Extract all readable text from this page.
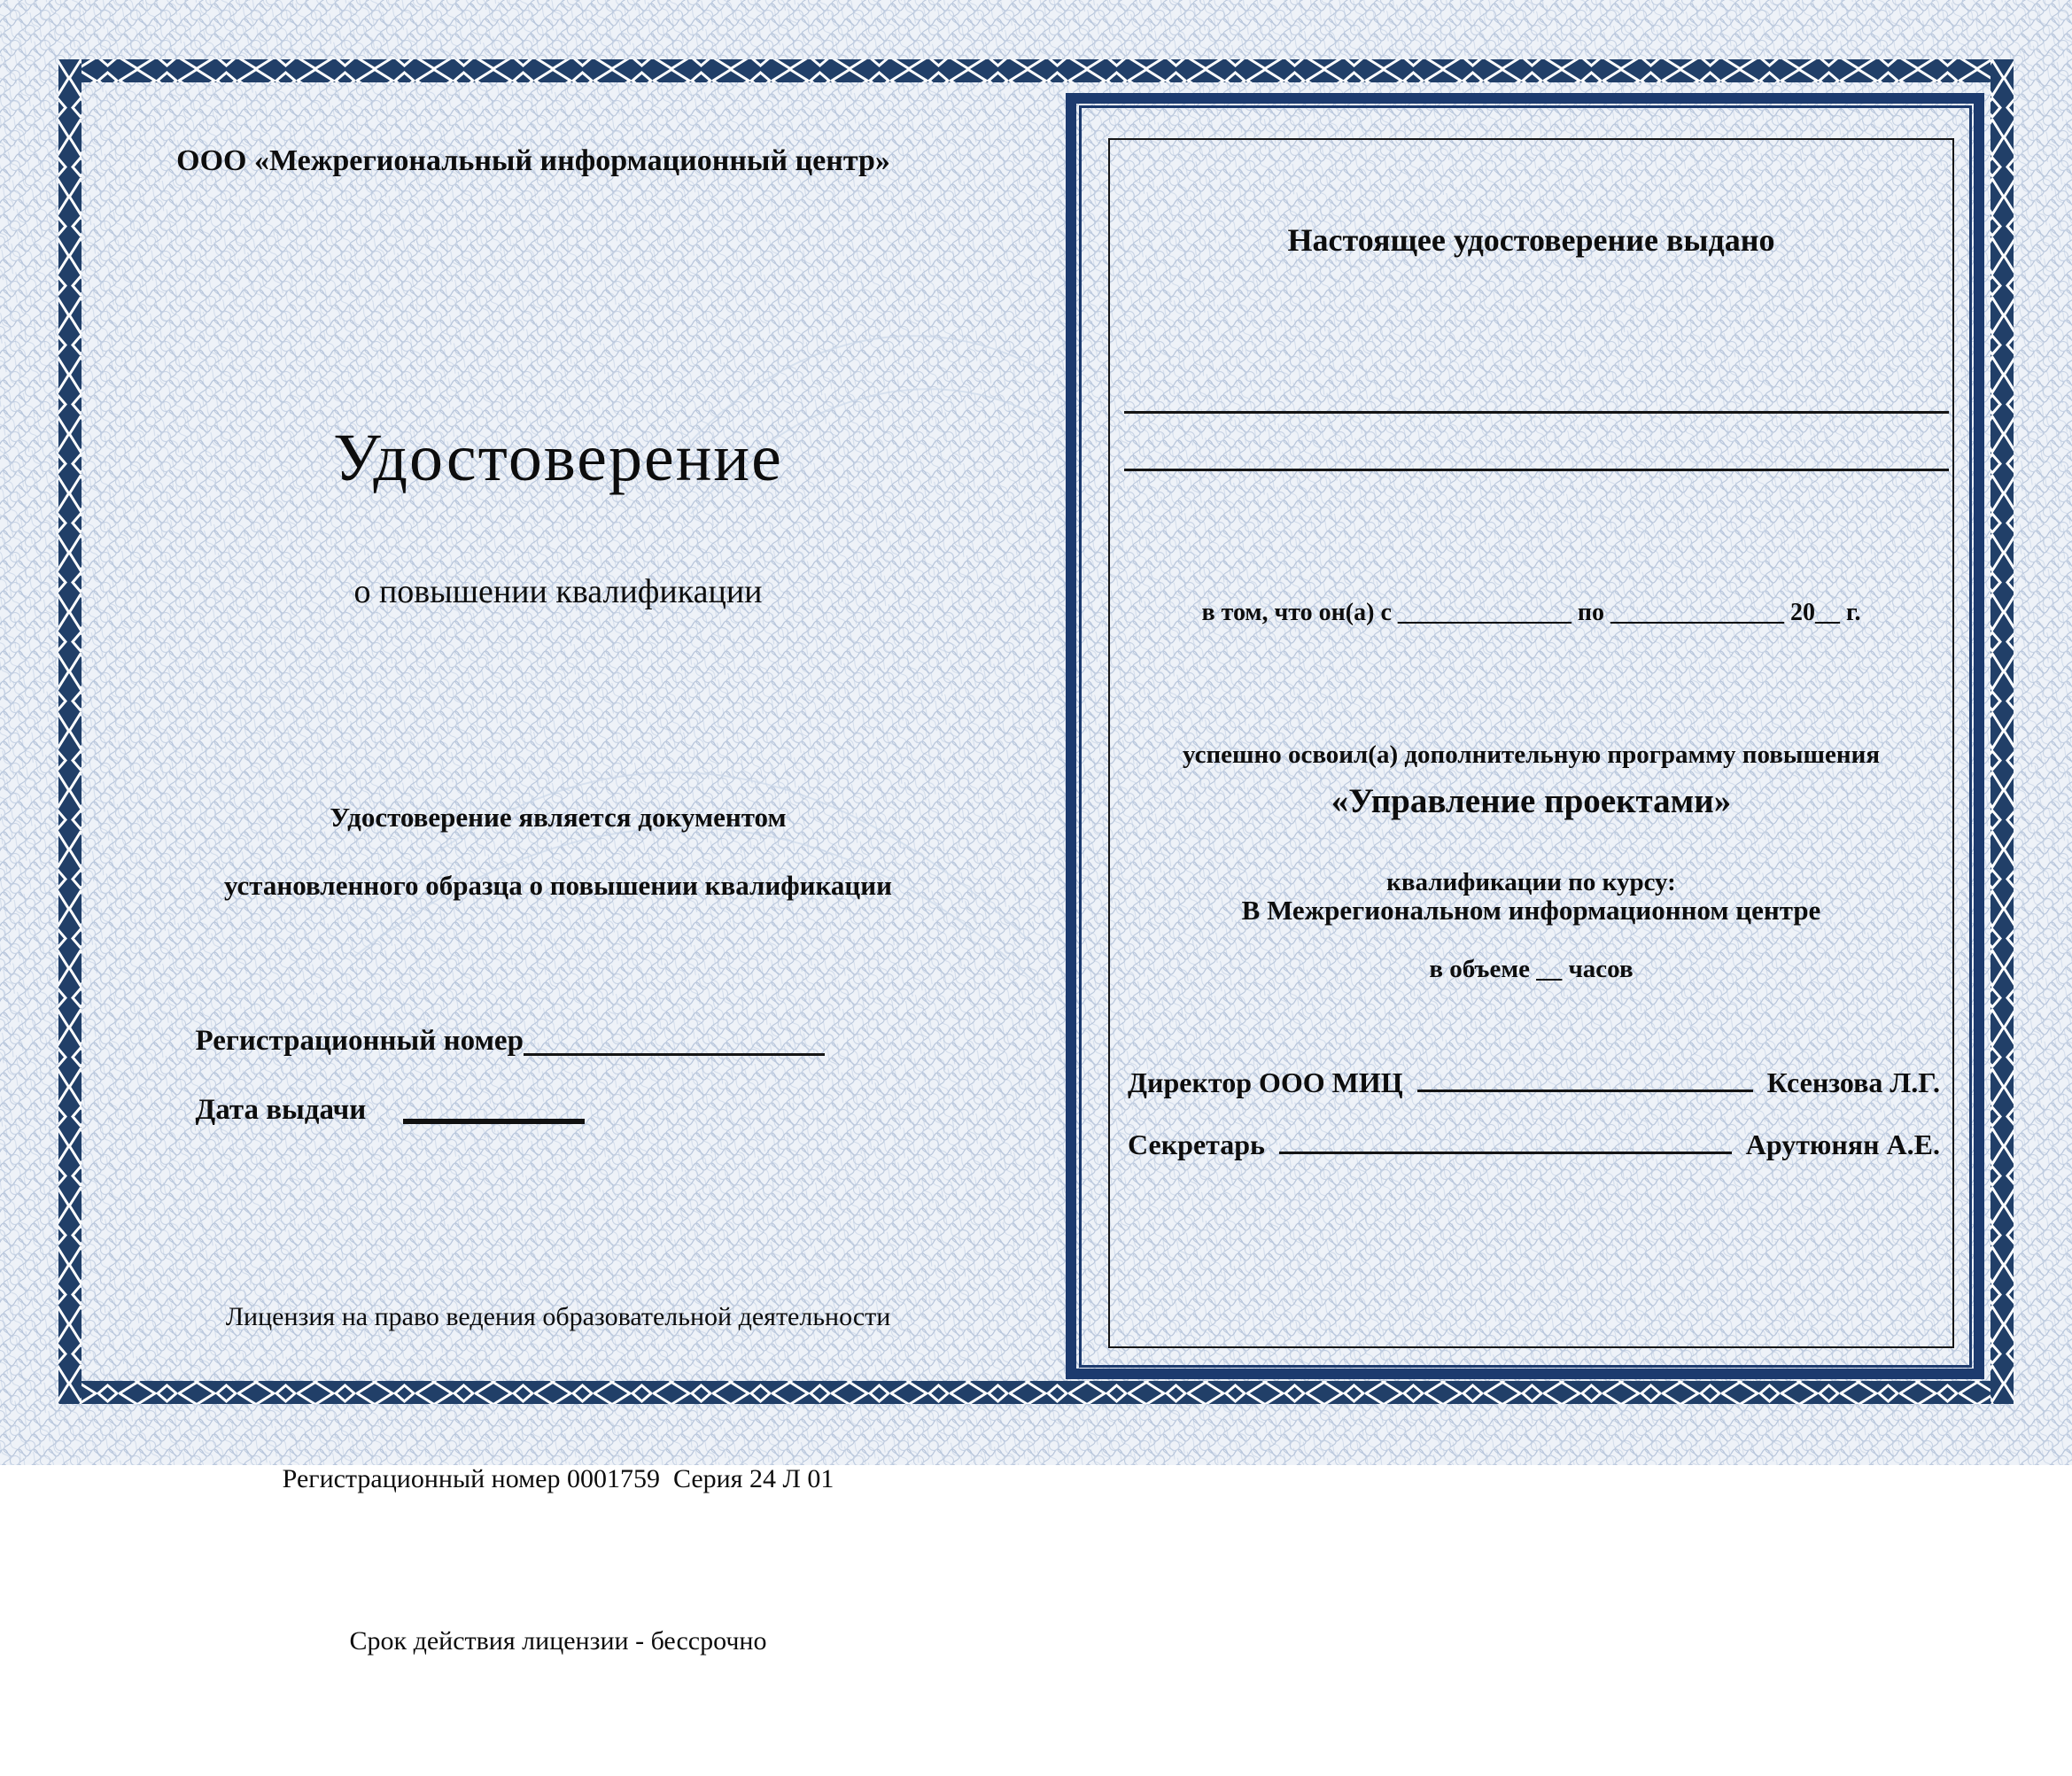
ООО «Межрегиональный информационный центр»
Удостоверение
о повышении квалификации
Удостоверение является документом
установленного образца о повышении квалификации

Регистрационный номер

Дата выдачи

Лицензия на право ведения образовательной деятельности

Регистрационный номер 0001759  Серия 24 Л 01

Срок действия лицензии - бессрочно

Настоящее удостоверение выдано
в том, что он(а) с ______________ по ______________ 20__ г.

успешно освоил(а) дополнительную программу повышения

квалификации по курсу:

«Управление проектами»
В Межрегиональном информационном центре
в объеме __ часов
Директор ООО МИЦ	Ксензова Л.Г.
Секретарь	Арутюнян А.Е.
